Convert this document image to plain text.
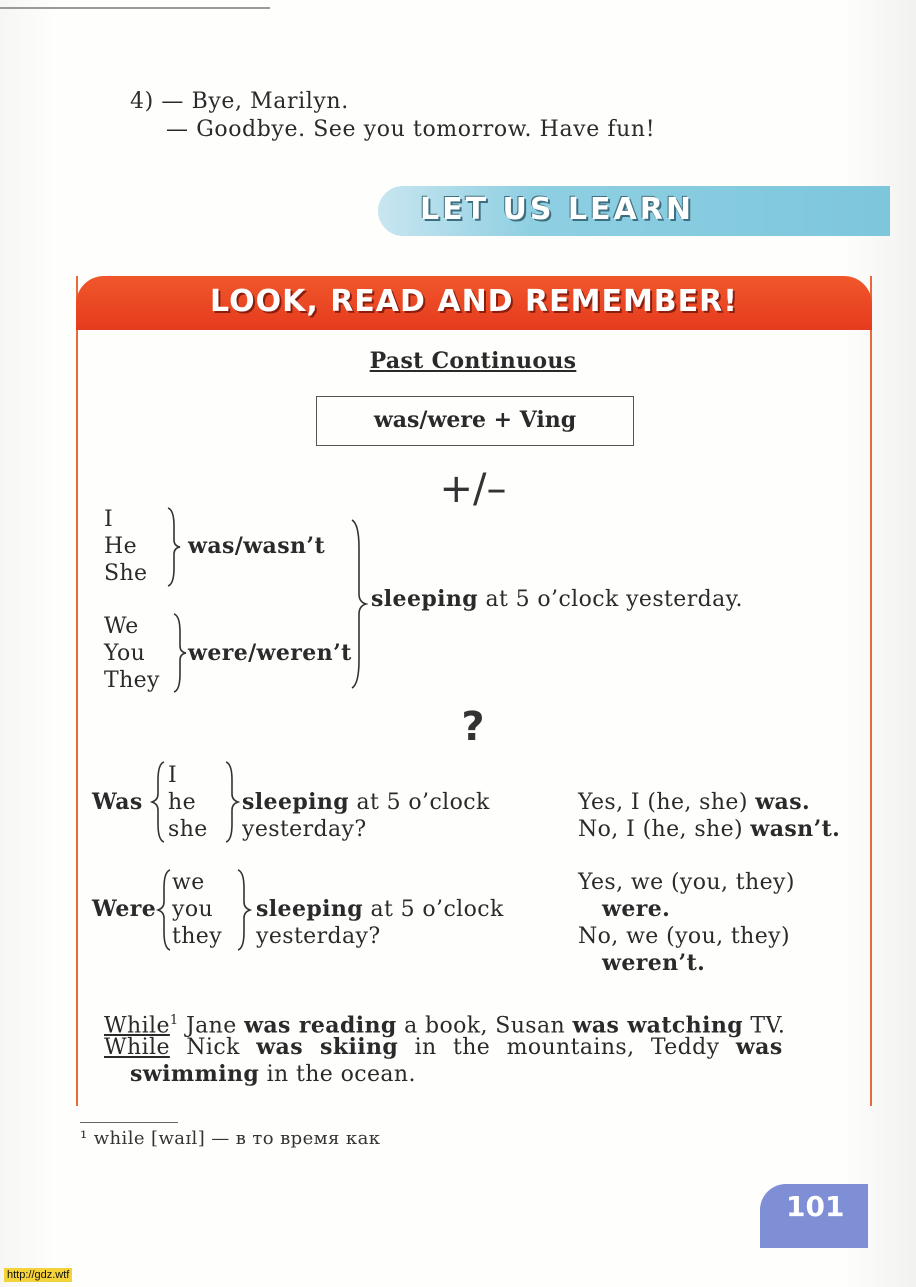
4) — Bye, Marilyn.
— Goodbye. See you tomorrow. Have fun!
LET US LEARN
LOOK, READ AND REMEMBER!
Past Continuous
was/were + Ving
+/–
I
He
She
was/wasn’t
We
You
They
were/weren’t
sleeping at 5 o’clock yesterday.
?
Was
I
he
she
sleeping at 5 o’clock
yesterday?
Yes, I (he, she) was.
No, I (he, she) wasn’t.
Were
we
you
they
sleeping at 5 o’clock
yesterday?
Yes, we (you, they)
were.
No, we (you, they)
weren’t.
While$^1$ Jane was reading a book, Susan was watching TV.
While Nick was skiing in the mountains, Teddy was
swimming in the ocean.
¹ while [waɪl] — в то время как
101
http://gdz.wtf
